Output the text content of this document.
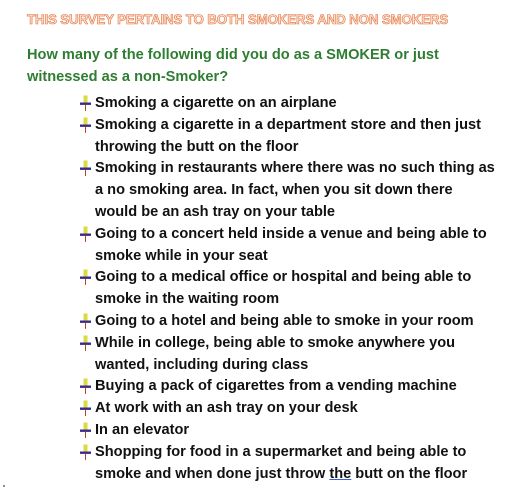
THIS SURVEY PERTAINS TO BOTH SMOKERS AND NON SMOKERS

How many of the following did you do as a SMOKER or just witnessed as a non-Smoker?

Smoking a cigarette on an airplane
Smoking a cigarette in a department store and then just throwing the butt on the floor
Smoking in restaurants where there was no such thing as a no smoking area. In fact, when you sit down there would be an ash tray on your table
Going to a concert held inside a venue and being able to smoke while in your seat
Going to a medical office or hospital and being able to smoke in the waiting room
Going to a hotel and being able to smoke in your room
While in college, being able to smoke anywhere you wanted, including during class
Buying a pack of cigarettes from a vending machine
At work with an ash tray on your desk
In an elevator
Shopping for food in a supermarket and being able to smoke and when done just throw the butt on the floor
